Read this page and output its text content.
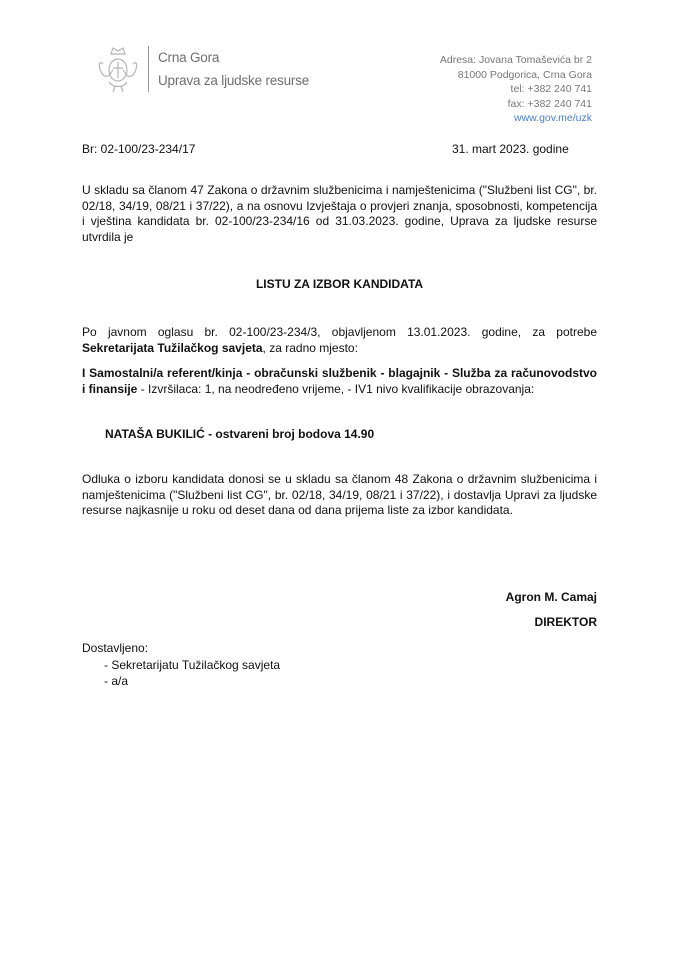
Crna Gora
Uprava za ljudske resurse
Adresa: Jovana Tomaševića br 2
81000 Podgorica, Crna Gora
tel: +382 240 741
fax: +382 240 741
www.gov.me/uzk
Br: 02-100/23-234/17	31. mart 2023. godine
U skladu sa članom 47 Zakona o državnim službenicima i namještenicima ("Službeni list CG", br. 02/18, 34/19, 08/21 i 37/22), a na osnovu Izvještaja o provjeri znanja, sposobnosti, kompetencija i vještina kandidata br. 02-100/23-234/16 od 31.03.2023. godine, Uprava za ljudske resurse utvrdila je
LISTU ZA IZBOR KANDIDATA
Po javnom oglasu br. 02-100/23-234/3, objavljenom 13.01.2023. godine, za potrebe Sekretarijata Tužilačkog savjeta, za radno mjesto:
I Samostalni/a referent/kinja - obračunski službenik - blagajnik - Služba za računovodstvo i finansije - Izvršilaca: 1, na neodređeno vrijeme, - IV1 nivo kvalifikacije obrazovanja:
NATAŠA BUKILIĆ - ostvareni broj bodova 14.90
Odluka o izboru kandidata donosi se u skladu sa članom 48 Zakona o državnim službenicima i namještenicima ("Službeni list CG", br. 02/18, 34/19, 08/21 i 37/22), i dostavlja Upravi za ljudske resurse najkasnije u roku od deset dana od dana prijema liste za izbor kandidata.
Agron M. Camaj
DIREKTOR
Dostavljeno:
- Sekretarijatu Tužilačkog savjeta
- a/a
